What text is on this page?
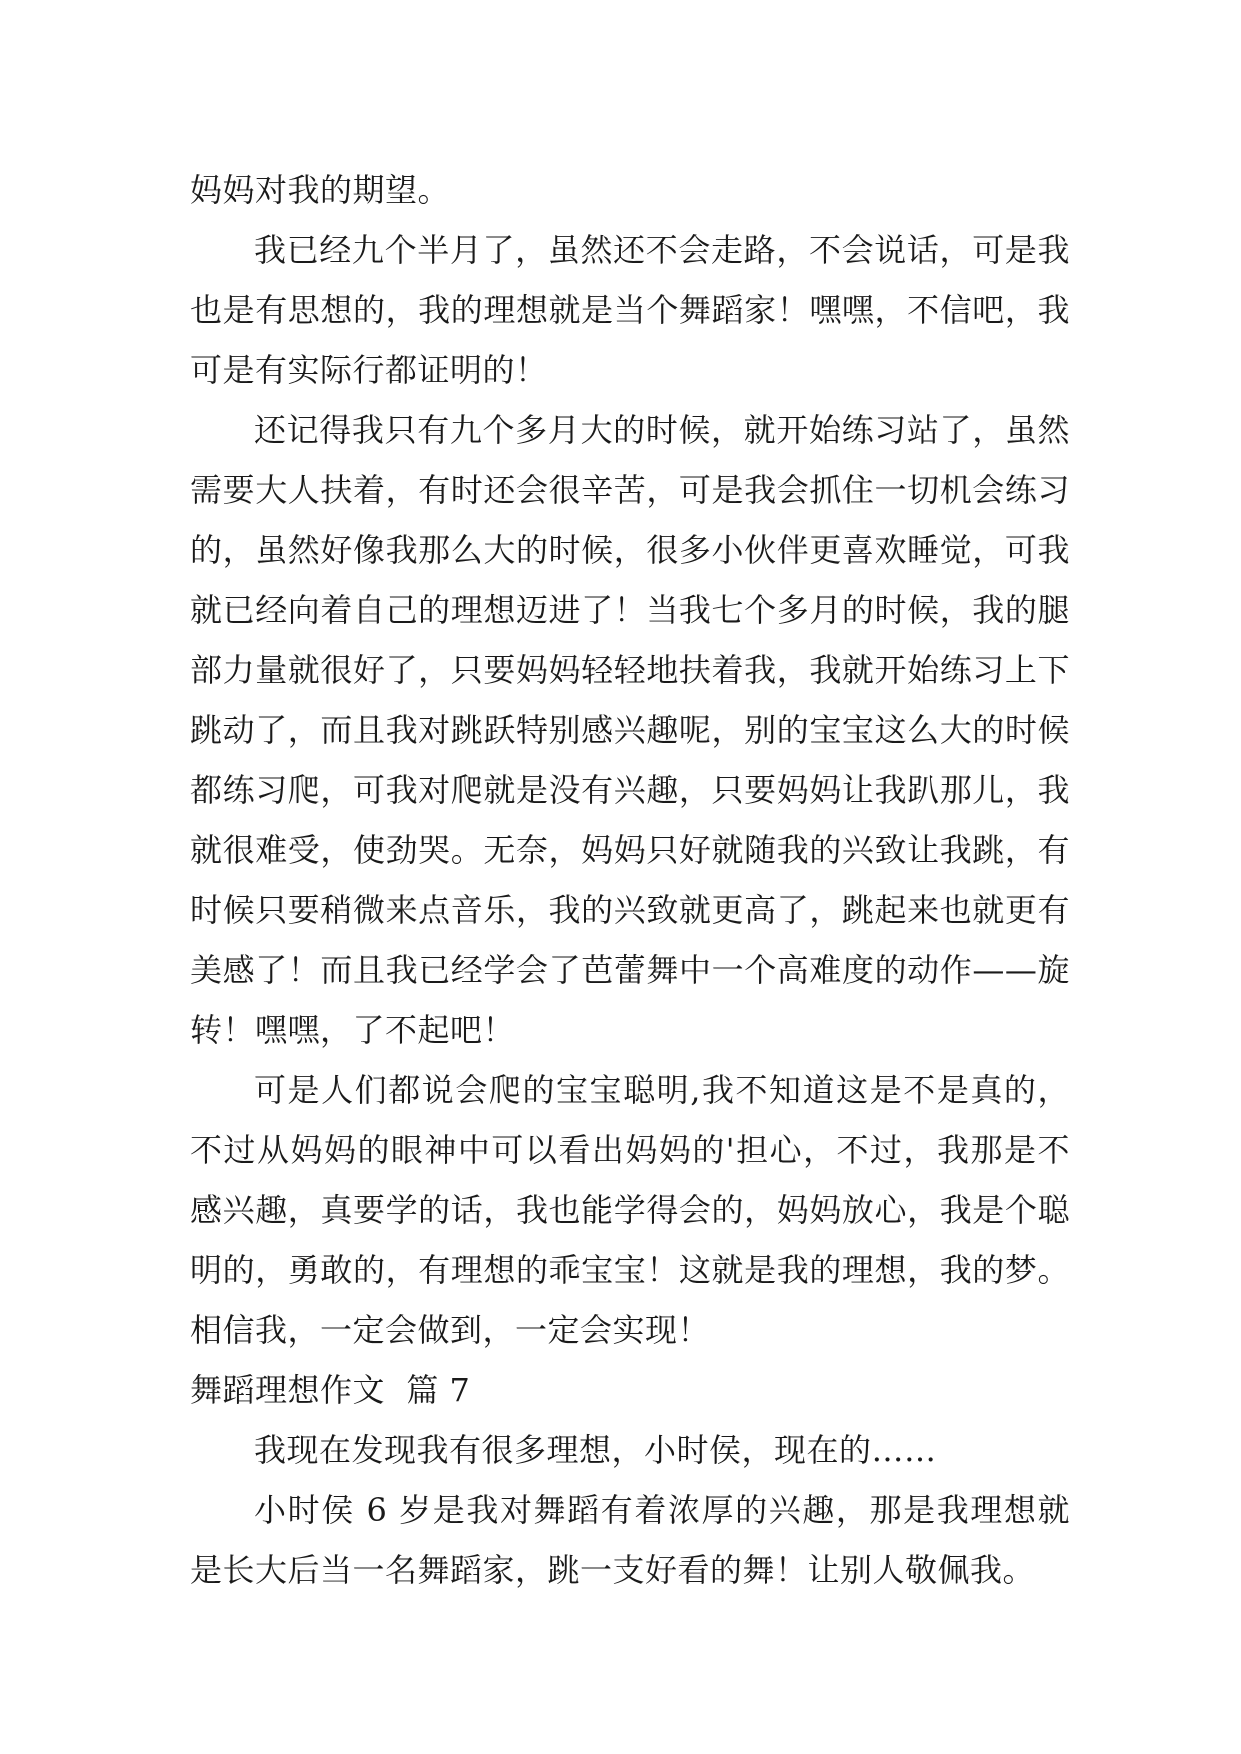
妈妈对我的期望。

我已经九个半月了，虽然还不会走路，不会说话，可是我也是有思想的，我的理想就是当个舞蹈家！嘿嘿，不信吧，我可是有实际行都证明的！

还记得我只有九个多月大的时候，就开始练习站了，虽然需要大人扶着，有时还会很辛苦，可是我会抓住一切机会练习的，虽然好像我那么大的时候，很多小伙伴更喜欢睡觉，可我就已经向着自己的理想迈进了！当我七个多月的时候，我的腿部力量就很好了，只要妈妈轻轻地扶着我，我就开始练习上下跳动了，而且我对跳跃特别感兴趣呢，别的宝宝这么大的时候都练习爬，可我对爬就是没有兴趣，只要妈妈让我趴那儿，我就很难受，使劲哭。无奈，妈妈只好就随我的兴致让我跳，有时候只要稍微来点音乐，我的兴致就更高了，跳起来也就更有美感了！而且我已经学会了芭蕾舞中一个高难度的动作——旋转！嘿嘿，了不起吧！

可是人们都说会爬的宝宝聪明,我不知道这是不是真的，不过从妈妈的眼神中可以看出妈妈的'担心，不过，我那是不感兴趣，真要学的话，我也能学得会的，妈妈放心，我是个聪明的，勇敢的，有理想的乖宝宝！这就是我的理想，我的梦。相信我，一定会做到，一定会实现！

舞蹈理想作文  篇 7

我现在发现我有很多理想，小时侯，现在的……

小时侯 6 岁是我对舞蹈有着浓厚的兴趣，那是我理想就是长大后当一名舞蹈家，跳一支好看的舞！让别人敬佩我。
